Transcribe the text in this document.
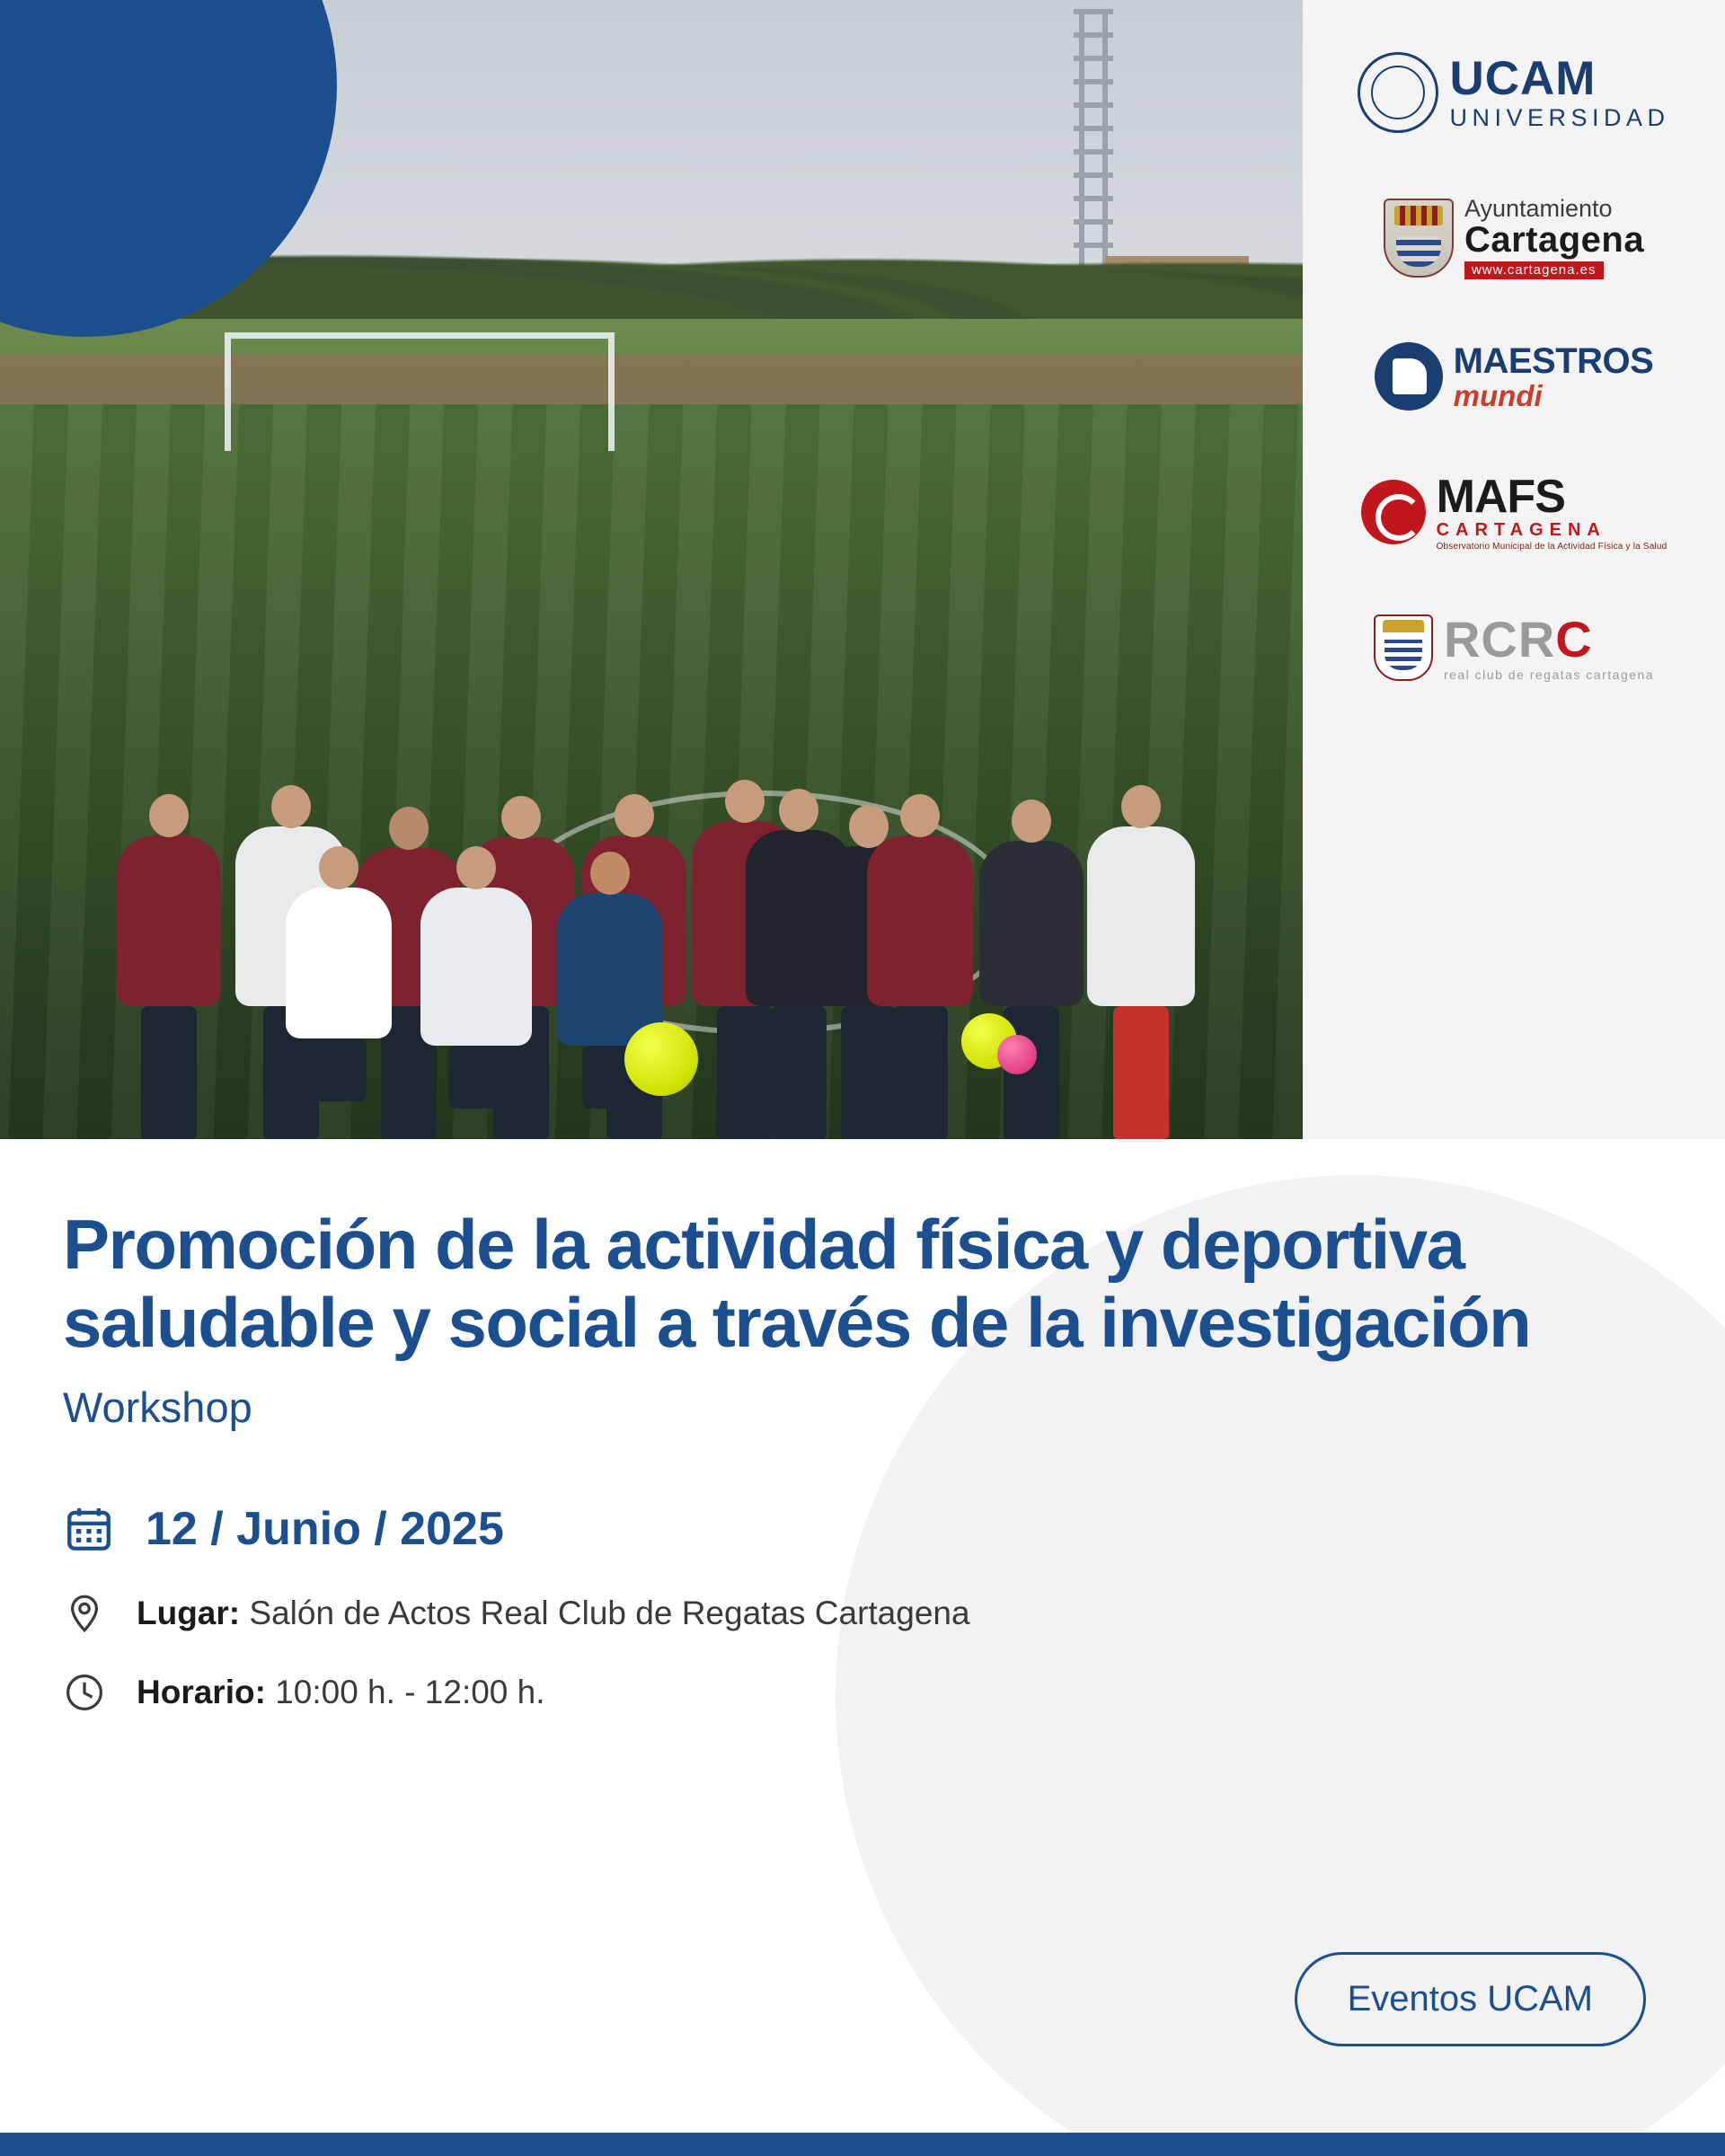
UCAM
UNIVERSIDAD
Ayuntamiento
Cartagena
www.cartagena.es
MAESTROS
mundi
MAFS
CARTAGENA
Observatorio Municipal de la Actividad Física y la Salud
RCRC
real club de regatas cartagena
Promoción de la actividad física y deportiva saludable y social a través de la investigación
Workshop
12 / Junio / 2025
Lugar: Salón de Actos Real Club de Regatas Cartagena
Horario: 10:00 h. - 12:00 h.
Eventos UCAM
